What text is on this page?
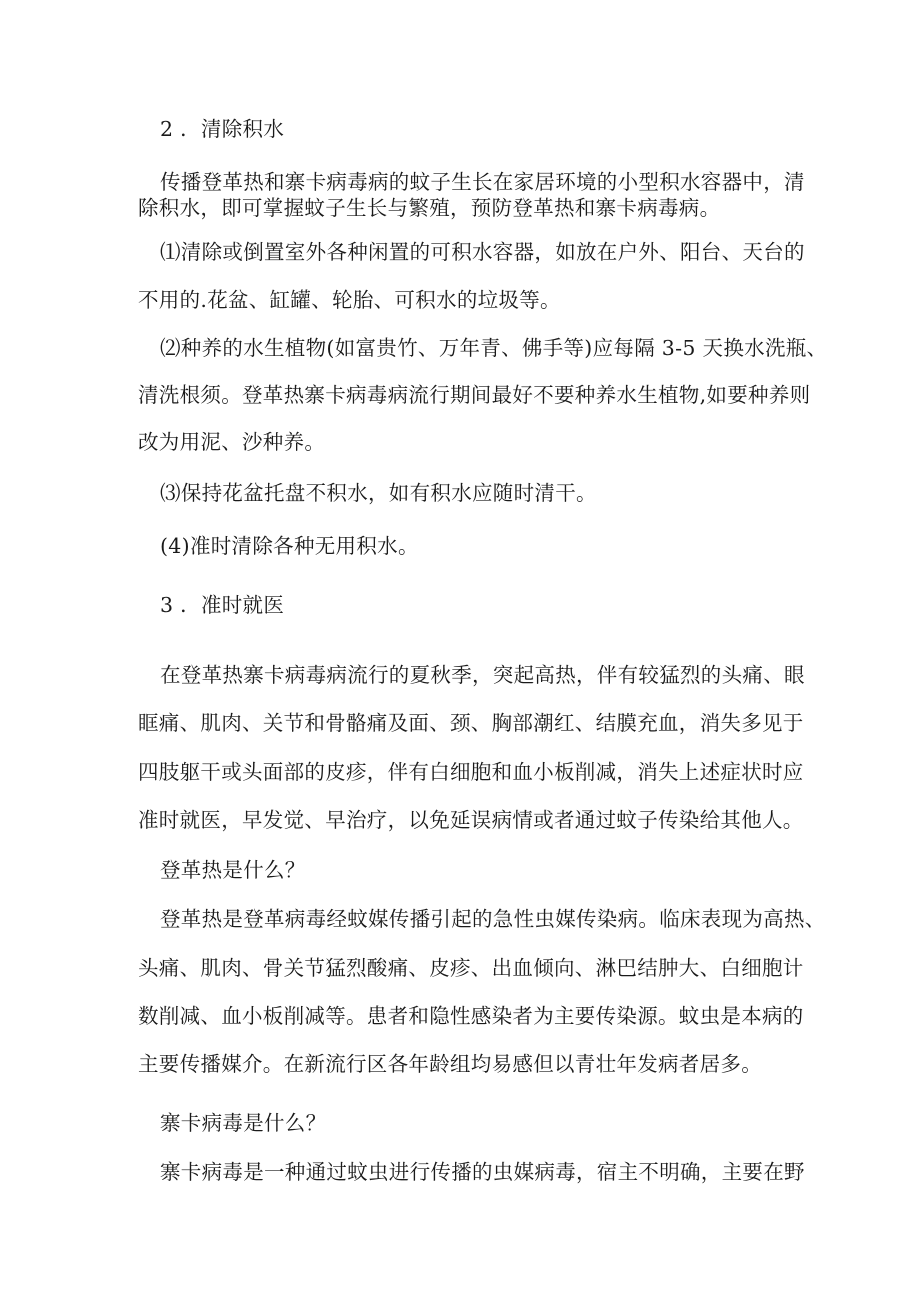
2 ．清除积水
传播登革热和寨卡病毒病的蚊子生长在家居环境的小型积水容器中，清
除积水，即可掌握蚊子生长与繁殖，预防登革热和寨卡病毒病。
⑴清除或倒置室外各种闲置的可积水容器，如放在户外、阳台、天台的
不用的.花盆、缸罐、轮胎、可积水的垃圾等。
⑵种养的水生植物(如富贵竹、万年青、佛手等)应每隔 3-5 天换水洗瓶、
清洗根须。登革热寨卡病毒病流行期间最好不要种养水生植物,如要种养则
改为用泥、沙种养。
⑶保持花盆托盘不积水，如有积水应随时清干。
(4)准时清除各种无用积水。
3 ．准时就医
在登革热寨卡病毒病流行的夏秋季，突起高热，伴有较猛烈的头痛、眼
眶痛、肌肉、关节和骨骼痛及面、颈、胸部潮红、结膜充血，消失多见于
四肢躯干或头面部的皮疹，伴有白细胞和血小板削减，消失上述症状时应
准时就医，早发觉、早治疗，以免延误病情或者通过蚊子传染给其他人。
登革热是什么？
登革热是登革病毒经蚊媒传播引起的急性虫媒传染病。临床表现为高热、
头痛、肌肉、骨关节猛烈酸痛、皮疹、出血倾向、淋巴结肿大、白细胞计
数削减、血小板削减等。患者和隐性感染者为主要传染源。蚊虫是本病的
主要传播媒介。在新流行区各年龄组均易感但以青壮年发病者居多。
寨卡病毒是什么？
寨卡病毒是一种通过蚊虫进行传播的虫媒病毒，宿主不明确，主要在野
